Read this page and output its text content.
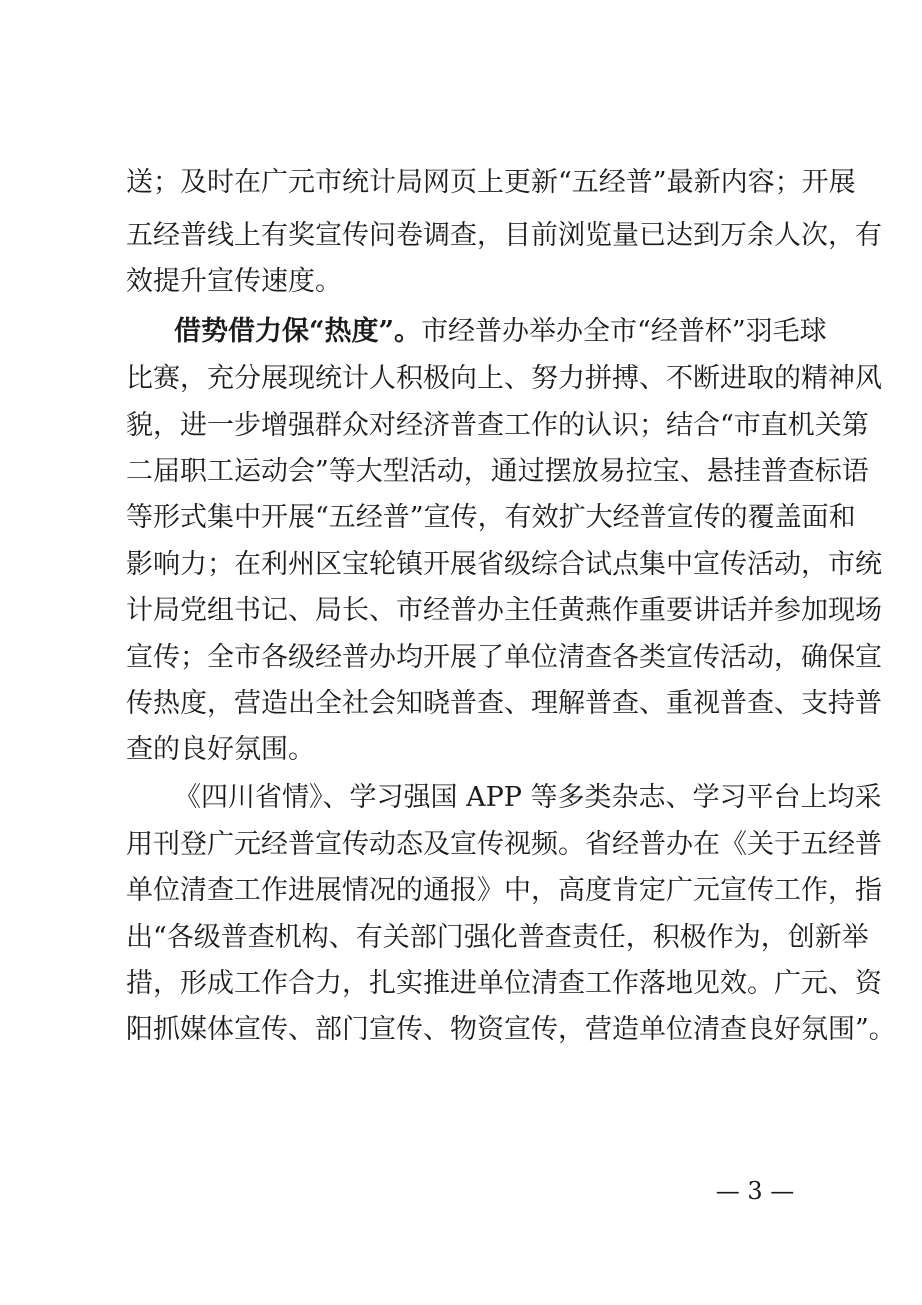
送；及时在广元市统计局网页上更新“五经普”最新内容；开展
五经普线上有奖宣传问卷调查，目前浏览量已达到万余人次，有
效提升宣传速度。
借势借力保“热度”。市经普办举办全市“经普杯”羽毛球
比赛，充分展现统计人积极向上、努力拼搏、不断进取的精神风
貌，进一步增强群众对经济普查工作的认识；结合“市直机关第
二届职工运动会”等大型活动，通过摆放易拉宝、悬挂普查标语
等形式集中开展“五经普”宣传，有效扩大经普宣传的覆盖面和
影响力；在利州区宝轮镇开展省级综合试点集中宣传活动，市统
计局党组书记、局长、市经普办主任黄燕作重要讲话并参加现场
宣传；全市各级经普办均开展了单位清查各类宣传活动，确保宣
传热度，营造出全社会知晓普查、理解普查、重视普查、支持普
查的良好氛围。
《四川省情》、学习强国 APP 等多类杂志、学习平台上均采
用刊登广元经普宣传动态及宣传视频。省经普办在《关于五经普
单位清查工作进展情况的通报》中，高度肯定广元宣传工作，指
出“各级普查机构、有关部门强化普查责任，积极作为，创新举
措，形成工作合力，扎实推进单位清查工作落地见效。广元、资
阳抓媒体宣传、部门宣传、物资宣传，营造单位清查良好氛围”。
— 3 —
